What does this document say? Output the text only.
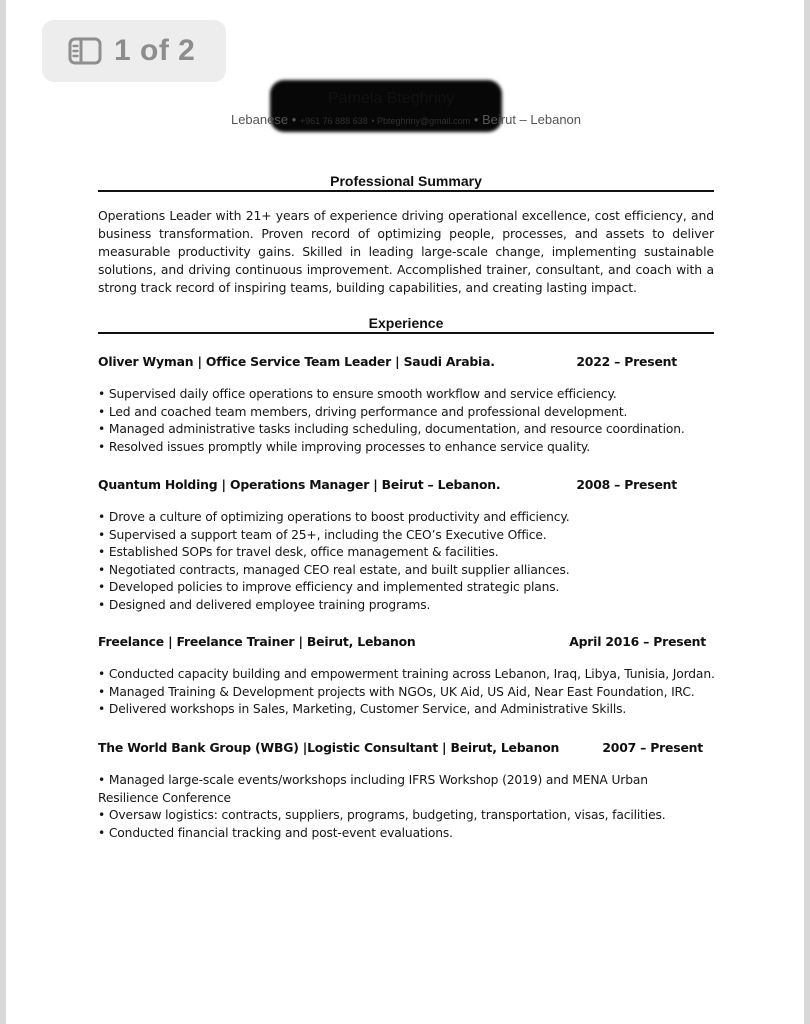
1 of 2
Pamela Bteghriny
Lebanese • +961 76 888 638 • Pbteghriny@gmail.com • Beirut – Lebanon
Professional Summary
Operations Leader with 21+ years of experience driving operational excellence, cost efficiency, and business transformation. Proven record of optimizing people, processes, and assets to deliver measurable productivity gains. Skilled in leading large-scale change, implementing sustainable solutions, and driving continuous improvement. Accomplished trainer, consultant, and coach with a strong track record of inspiring teams, building capabilities, and creating lasting impact.
Experience
Oliver Wyman | Office Service Team Leader | Saudi Arabia.	2022 – Present
• Supervised daily office operations to ensure smooth workflow and service efficiency.
• Led and coached team members, driving performance and professional development.
• Managed administrative tasks including scheduling, documentation, and resource coordination.
• Resolved issues promptly while improving processes to enhance service quality.
Quantum Holding | Operations Manager | Beirut – Lebanon.	2008 – Present
• Drove a culture of optimizing operations to boost productivity and efficiency.
• Supervised a support team of 25+, including the CEO’s Executive Office.
• Established SOPs for travel desk, office management & facilities.
• Negotiated contracts, managed CEO real estate, and built supplier alliances.
• Developed policies to improve efficiency and implemented strategic plans.
• Designed and delivered employee training programs.
Freelance | Freelance Trainer | Beirut, Lebanon	April 2016 – Present
• Conducted capacity building and empowerment training across Lebanon, Iraq, Libya, Tunisia, Jordan.
• Managed Training & Development projects with NGOs, UK Aid, US Aid, Near East Foundation, IRC.
• Delivered workshops in Sales, Marketing, Customer Service, and Administrative Skills.
The World Bank Group (WBG) |Logistic Consultant | Beirut, Lebanon	2007 – Present
• Managed large-scale events/workshops including IFRS Workshop (2019) and MENA Urban Resilience Conference
• Oversaw logistics: contracts, suppliers, programs, budgeting, transportation, visas, facilities.
• Conducted financial tracking and post-event evaluations.
